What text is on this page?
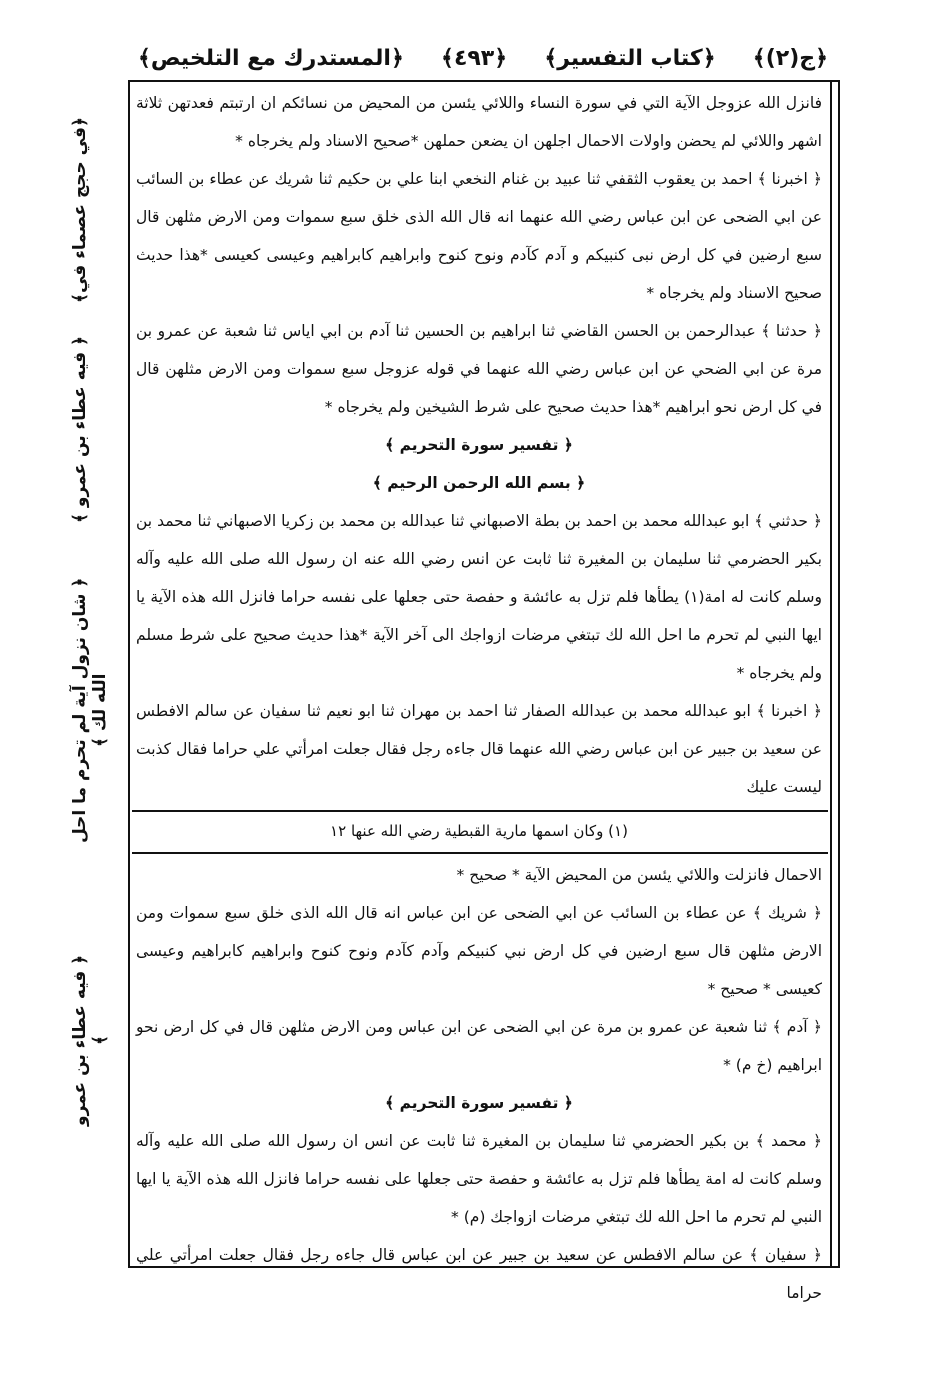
﴿المستدرك مع التلخيص﴾ ﴿٤٩٣﴾ ﴿كتاب التفسير﴾ ﴿ج(٢)﴾
﴿في حجج عصماء في﴾
﴿ فيه عطاء بن عمرو ﴾
﴿ شان نزول آية لم تحرم ما احل الله لك ﴾
﴿ فيه عطاء بن عمرو ﴾

فانزل الله عزوجل الآية التي في سورة النساء واللائي يئسن من المحيض من نسائكم ان ارتبتم فعدتهن ثلاثة اشهر واللائي لم يحضن واولات الاحمال اجلهن ان يضعن حملهن *صحيح الاسناد ولم يخرجاه *

﴿ اخبرنا ﴾ احمد بن يعقوب الثقفي ثنا عبيد بن غنام النخعي ابنا علي بن حكيم ثنا شريك عن عطاء بن السائب عن ابي الضحى عن ابن عباس رضي الله عنهما انه قال الله الذى خلق سبع سموات ومن الارض مثلهن قال سبع ارضين في كل ارض نبى كنبيكم و آدم كآدم ونوح كنوح وابراهيم كابراهيم وعيسى كعيسى *هذا حديث صحيح الاسناد ولم يخرجاه *

﴿ حدثنا ﴾ عبدالرحمن بن الحسن القاضي ثنا ابراهيم بن الحسين ثنا آدم بن ابي اياس ثنا شعبة عن عمرو بن مرة عن ابي الضحي عن ابن عباس رضي الله عنهما في قوله عزوجل سبع سموات ومن الارض مثلهن قال في كل ارض نحو ابراهيم *هذا حديث صحيح على شرط الشيخين ولم يخرجاه *

﴿ تفسير سورة التحريم ﴾

﴿ بسم الله الرحمن الرحيم ﴾

﴿ حدثني ﴾ ابو عبدالله محمد بن احمد بن بطة الاصبهاني ثنا عبدالله بن محمد بن زكريا الاصبهاني ثنا محمد بن بكير الحضرمي ثنا سليمان بن المغيرة ثنا ثابت عن انس رضي الله عنه ان رسول الله صلى الله عليه وآله وسلم كانت له امة(١) يطأها فلم تزل به عائشة و حفصة حتى جعلها على نفسه حراما فانزل الله هذه الآية يا ايها النبي لم تحرم ما احل الله لك تبتغي مرضات ازواجك الى آخر الآية *هذا حديث صحيح على شرط مسلم ولم يخرجاه *

﴿ اخبرنا ﴾ ابو عبدالله محمد بن عبدالله الصفار ثنا احمد بن مهران ثنا ابو نعيم ثنا سفيان عن سالم الافطس عن سعيد بن جبير عن ابن عباس رضي الله عنهما قال جاءه رجل فقال جعلت امرأتي علي حراما فقال كذبت ليست عليك

(١) وكان اسمها مارية القبطية رضي الله عنها ١٢

الاحمال فانزلت واللائي يئسن من المحيض الآية * صحيح *

﴿ شريك ﴾ عن عطاء بن السائب عن ابي الضحى عن ابن عباس انه قال الله الذى خلق سبع سموات ومن الارض مثلهن قال سبع ارضين في كل ارض نبي كنبيكم وآدم كآدم ونوح كنوح وابراهيم كابراهيم وعيسى كعيسى * صحيح *

﴿ آدم ﴾ ثنا شعبة عن عمرو بن مرة عن ابي الضحى عن ابن عباس ومن الارض مثلهن قال في كل ارض نحو ابراهيم (خ م) *

﴿ تفسير سورة التحريم ﴾

﴿ محمد ﴾ بن بكير الحضرمي ثنا سليمان بن المغيرة ثنا ثابت عن انس ان رسول الله صلى الله عليه وآله وسلم كانت له امة يطأها فلم تزل به عائشة و حفصة حتى جعلها على نفسه حراما فانزل الله هذه الآية يا ايها النبي لم تحرم ما احل الله لك تبتغي مرضات ازواجك (م) *

﴿ سفيان ﴾ عن سالم الافطس عن سعيد بن جبير عن ابن عباس قال جاءه رجل فقال جعلت امرأتي علي حراما
